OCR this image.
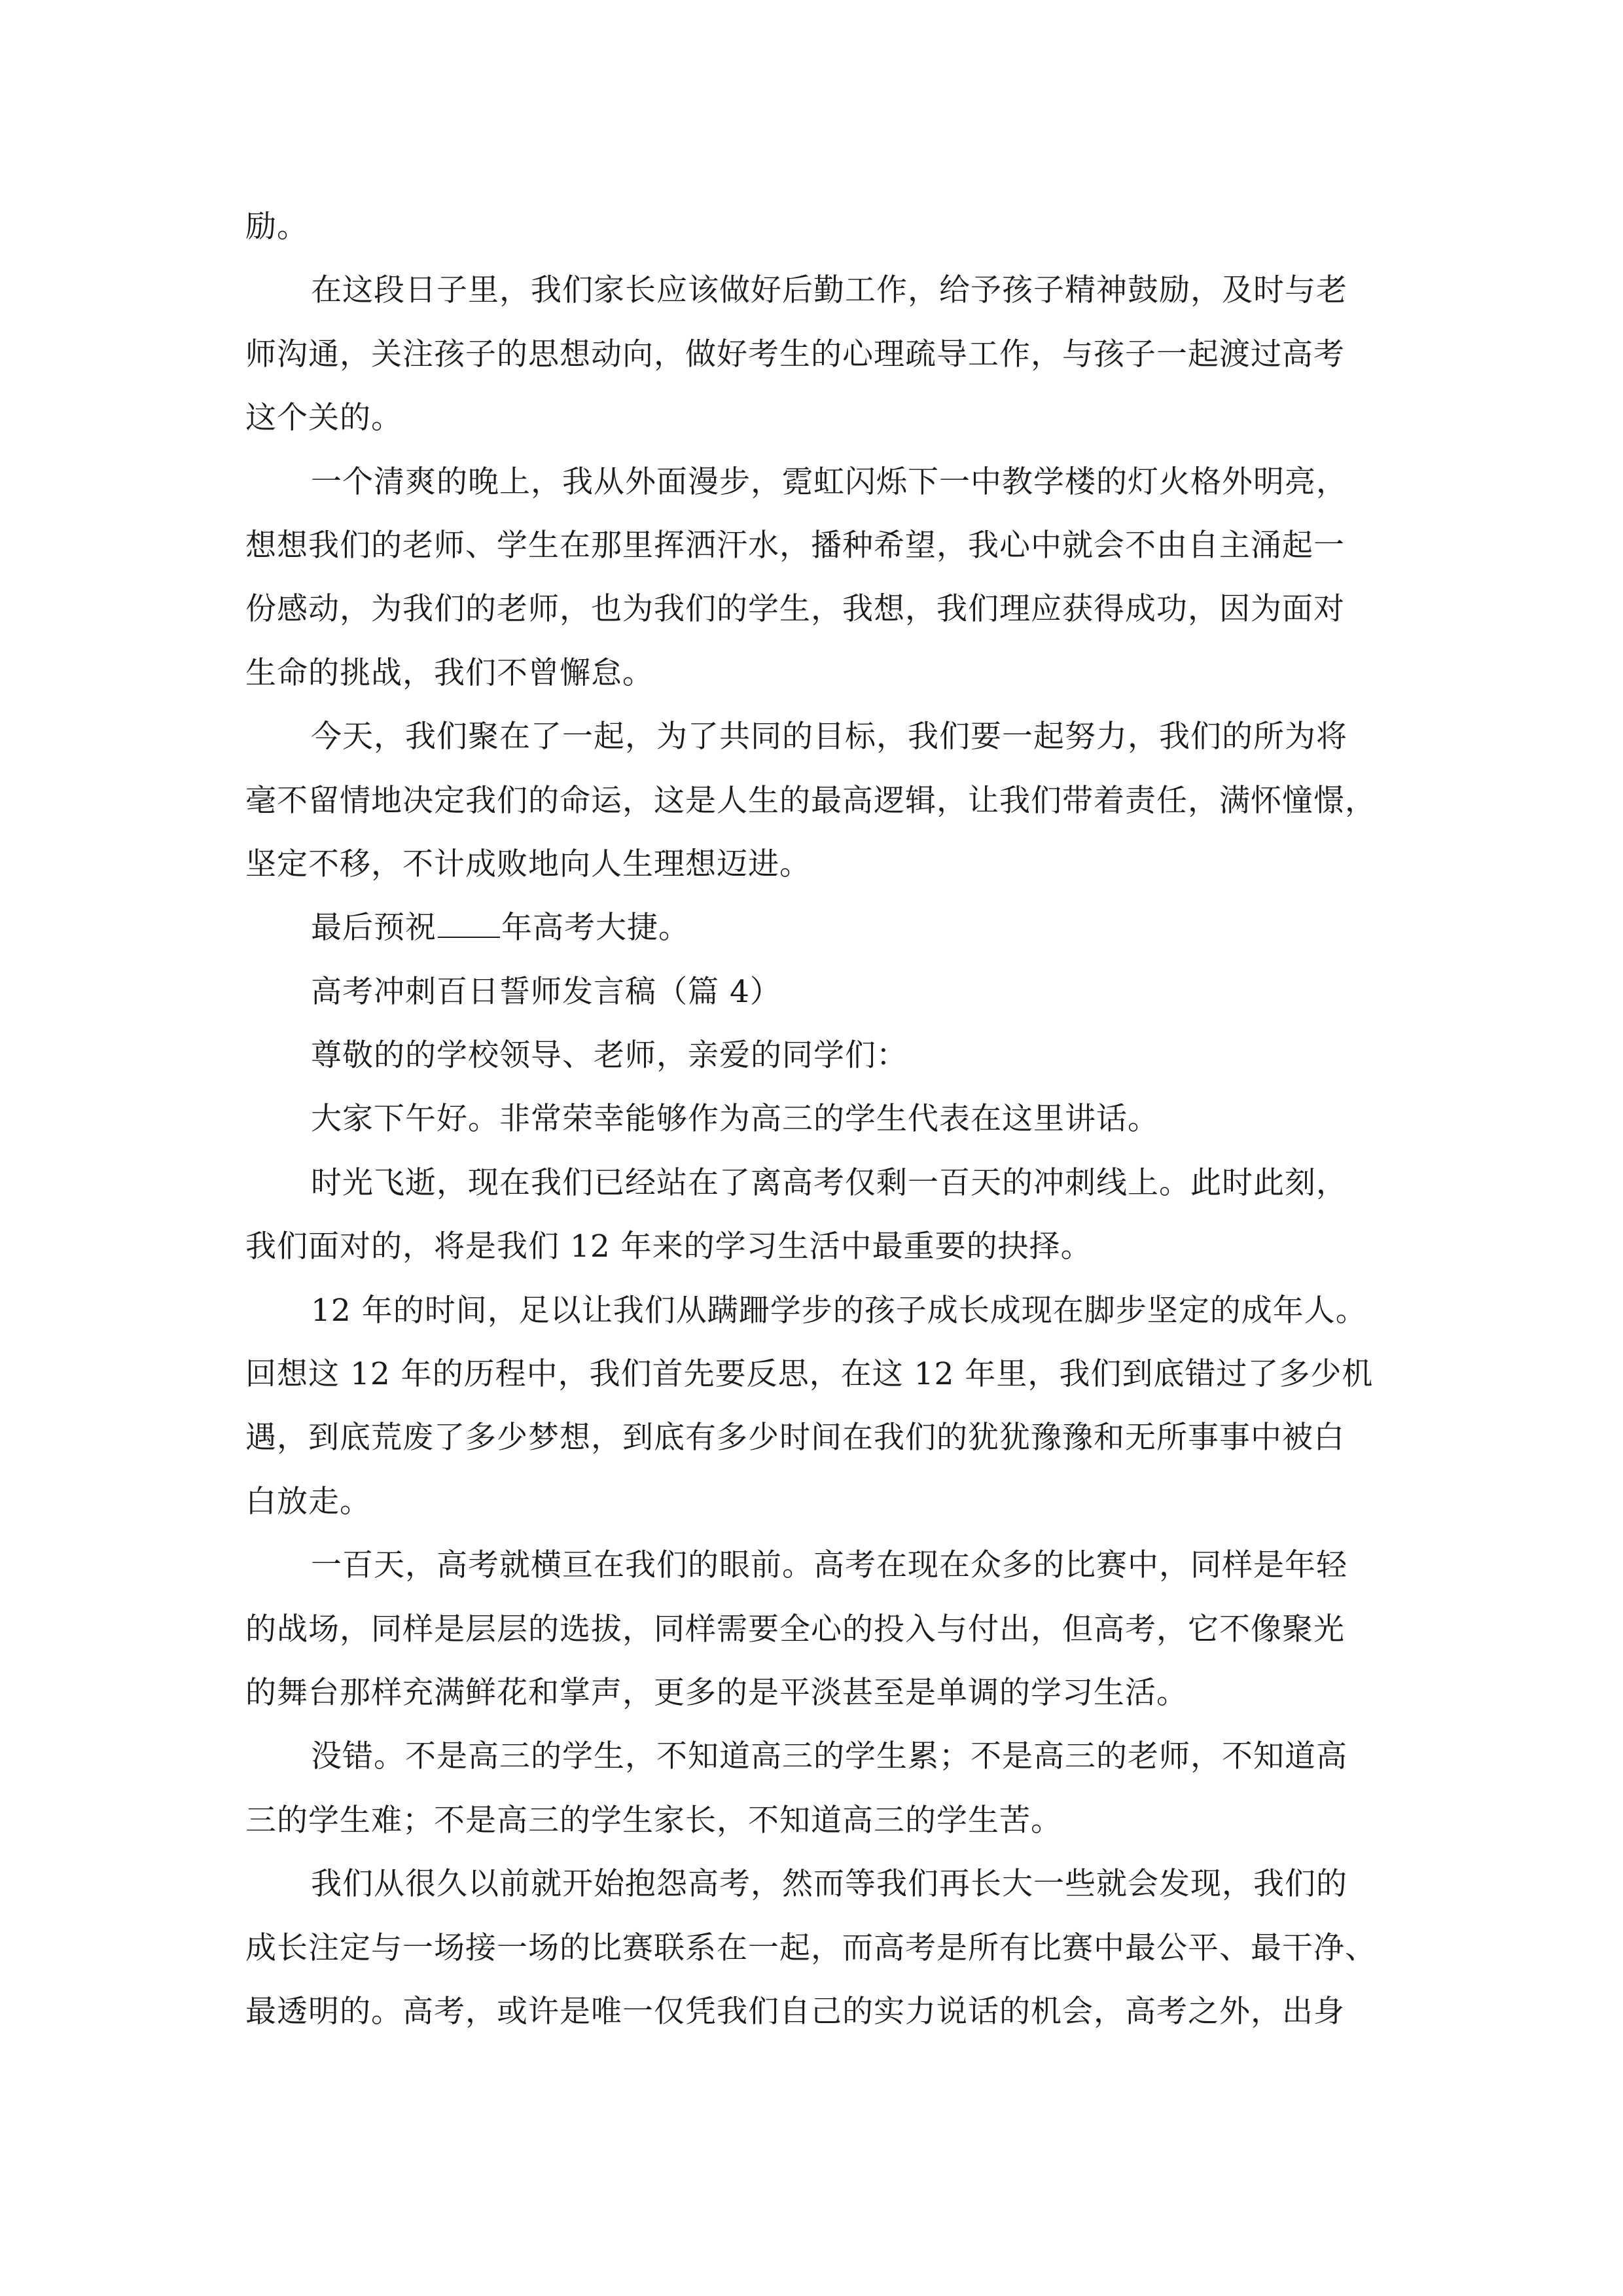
励。
在这段日子里，我们家长应该做好后勤工作，给予孩子精神鼓励，及时与老
师沟通，关注孩子的思想动向，做好考生的心理疏导工作，与孩子一起渡过高考
这个关的。
一个清爽的晚上，我从外面漫步，霓虹闪烁下一中教学楼的灯火格外明亮，
想想我们的老师、学生在那里挥洒汗水，播种希望，我心中就会不由自主涌起一
份感动，为我们的老师，也为我们的学生，我想，我们理应获得成功，因为面对
生命的挑战，我们不曾懈怠。
今天，我们聚在了一起，为了共同的目标，我们要一起努力，我们的所为将
毫不留情地决定我们的命运，这是人生的最高逻辑，让我们带着责任，满怀憧憬，
坚定不移，不计成败地向人生理想迈进。
最后预祝 年高考大捷。
高考冲刺百日誓师发言稿（篇 4）
尊敬的的学校领导、老师，亲爱的同学们：
大家下午好。非常荣幸能够作为高三的学生代表在这里讲话。
时光飞逝，现在我们已经站在了离高考仅剩一百天的冲刺线上。此时此刻，
我们面对的，将是我们 12 年来的学习生活中最重要的抉择。
12 年的时间，足以让我们从蹒跚学步的孩子成长成现在脚步坚定的成年人。
回想这 12 年的历程中，我们首先要反思，在这 12 年里，我们到底错过了多少机
遇，到底荒废了多少梦想，到底有多少时间在我们的犹犹豫豫和无所事事中被白
白放走。
一百天，高考就横亘在我们的眼前。高考在现在众多的比赛中，同样是年轻
的战场，同样是层层的选拔，同样需要全心的投入与付出，但高考，它不像聚光
的舞台那样充满鲜花和掌声，更多的是平淡甚至是单调的学习生活。
没错。不是高三的学生，不知道高三的学生累；不是高三的老师，不知道高
三的学生难；不是高三的学生家长，不知道高三的学生苦。
我们从很久以前就开始抱怨高考，然而等我们再长大一些就会发现，我们的
成长注定与一场接一场的比赛联系在一起，而高考是所有比赛中最公平、最干净、
最透明的。高考，或许是唯一仅凭我们自己的实力说话的机会，高考之外，出身
